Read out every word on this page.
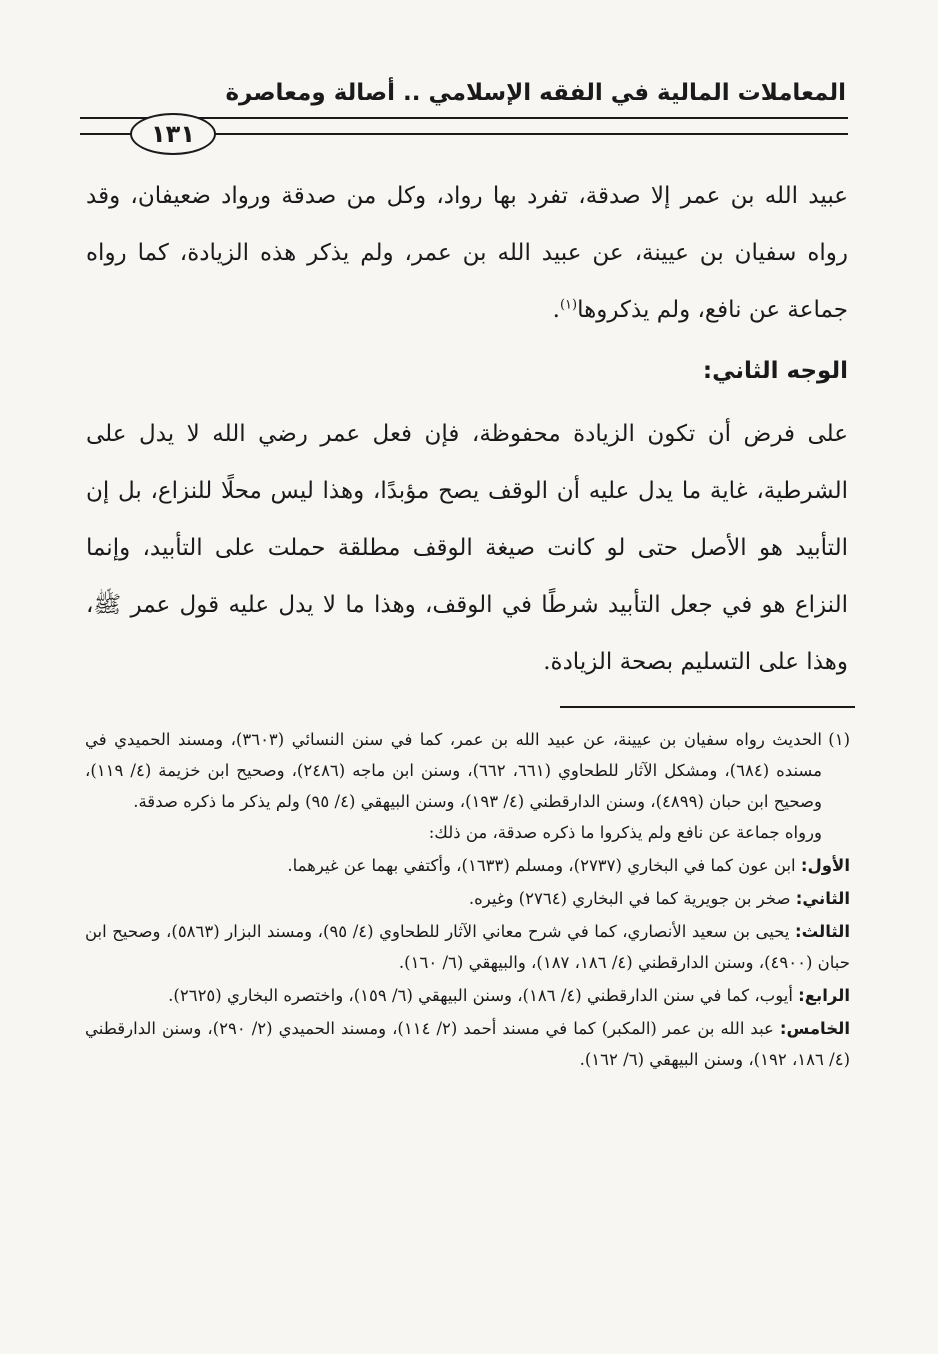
المعاملات المالية في الفقه الإسلامي .. أصالة ومعاصرة
١٣١

عبيد الله بن عمر إلا صدقة، تفرد بها رواد، وكل من صدقة ورواد ضعيفان، وقد رواه سفيان بن عيينة، عن عبيد الله بن عمر، ولم يذكر هذه الزيادة، كما رواه جماعة عن نافع، ولم يذكروها$^{(١)}$.

الوجه الثاني:

على فرض أن تكون الزيادة محفوظة، فإن فعل عمر رضي الله لا يدل على الشرطية، غاية ما يدل عليه أن الوقف يصح مؤبدًا، وهذا ليس محلًا للنزاع، بل إن التأبيد هو الأصل حتى لو كانت صيغة الوقف مطلقة حملت على التأبيد، وإنما النزاع هو في جعل التأبيد شرطًا في الوقف، وهذا ما لا يدل عليه قول عمر ﷺ، وهذا على التسليم بصحة الزيادة.

(١)
الحديث رواه سفيان بن عيينة، عن عبيد الله بن عمر، كما في سنن النسائي (٣٦٠٣)، ومسند الحميدي في مسنده (٦٨٤)، ومشكل الآثار للطحاوي (٦٦١، ٦٦٢)، وسنن ابن ماجه (٢٤٨٦)، وصحيح ابن خزيمة (٤/ ١١٩)، وصحيح ابن حبان (٤٨٩٩)، وسنن الدارقطني (٤/ ١٩٣)، وسنن البيهقي (٤/ ٩٥) ولم يذكر ما ذكره صدقة.

ورواه جماعة عن نافع ولم يذكروا ما ذكره صدقة، من ذلك:

الأول: ابن عون كما في البخاري (٢٧٣٧)، ومسلم (١٦٣٣)، وأكتفي بهما عن غيرهما.

الثاني: صخر بن جويرية كما في البخاري (٢٧٦٤) وغيره.

الثالث: يحيى بن سعيد الأنصاري، كما في شرح معاني الآثار للطحاوي (٤/ ٩٥)، ومسند البزار (٥٨٦٣)، وصحيح ابن حبان (٤٩٠٠)، وسنن الدارقطني (٤/ ١٨٦، ١٨٧)، والبيهقي (٦/ ١٦٠).

الرابع: أيوب، كما في سنن الدارقطني (٤/ ١٨٦)، وسنن البيهقي (٦/ ١٥٩)، واختصره البخاري (٢٦٢٥).

الخامس: عبد الله بن عمر (المكبر) كما في مسند أحمد (٢/ ١١٤)، ومسند الحميدي (٢/ ٢٩٠)، وسنن الدارقطني (٤/ ١٨٦، ١٩٢)، وسنن البيهقي (٦/ ١٦٢).
